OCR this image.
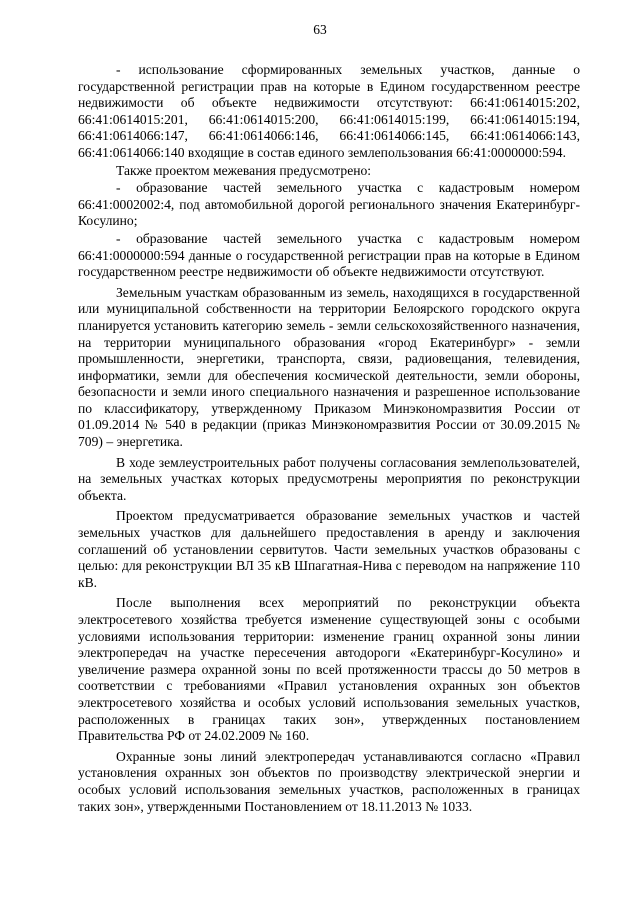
63

- использование сформированных земельных участков, данные о государственной регистрации прав на которые в Едином государственном реестре недвижимости об объекте недвижимости отсутствуют: 66:41:0614015:202, 66:41:0614015:201, 66:41:0614015:200, 66:41:0614015:199, 66:41:0614015:194, 66:41:0614066:147, 66:41:0614066:146, 66:41:0614066:145, 66:41:0614066:143, 66:41:0614066:140 входящие в состав единого землепользования 66:41:0000000:594.

Также проектом межевания предусмотрено:

- образование частей земельного участка с кадастровым номером 66:41:0002002:4, под автомобильной дорогой регионального значения Екатеринбург-Косулино;

- образование частей земельного участка с кадастровым номером 66:41:0000000:594 данные о государственной регистрации прав на которые в Едином государственном реестре недвижимости об объекте недвижимости отсутствуют.

Земельным участкам образованным из земель, находящихся в государственной или муниципальной собственности на территории Белоярского городского округа планируется установить категорию земель - земли сельскохозяйственного назначения, на территории муниципального образования «город Екатеринбург» - земли промышленности, энергетики, транспорта, связи, радиовещания, телевидения, информатики, земли для обеспечения космической деятельности, земли обороны, безопасности и земли иного специального назначения и разрешенное использование по классификатору, утвержденному Приказом Минэкономразвития России от 01.09.2014 № 540 в редакции (приказ Минэкономразвития России от 30.09.2015 № 709) – энергетика.

В ходе землеустроительных работ получены согласования землепользователей, на земельных участках которых предусмотрены мероприятия по реконструкции объекта.

Проектом предусматривается образование земельных участков и частей земельных участков для дальнейшего предоставления в аренду и заключения соглашений об установлении сервитутов. Части земельных участков образованы с целью: для реконструкции ВЛ 35 кВ Шпагатная-Нива с переводом на напряжение 110 кВ.

После выполнения всех мероприятий по реконструкции объекта электросетевого хозяйства требуется изменение существующей зоны с особыми условиями использования территории: изменение границ охранной зоны линии электропередач на участке пересечения автодороги «Екатеринбург-Косулино» и увеличение размера охранной зоны по всей протяженности трассы до 50 метров в соответствии с требованиями «Правил установления охранных зон объектов электросетевого хозяйства и особых условий использования земельных участков, расположенных в границах таких зон», утвержденных постановлением Правительства РФ от 24.02.2009 № 160.

Охранные зоны линий электропередач устанавливаются согласно «Правил установления охранных зон объектов по производству электрической энергии и особых условий использования земельных участков, расположенных в границах таких зон», утвержденными Постановлением от 18.11.2013 № 1033.
